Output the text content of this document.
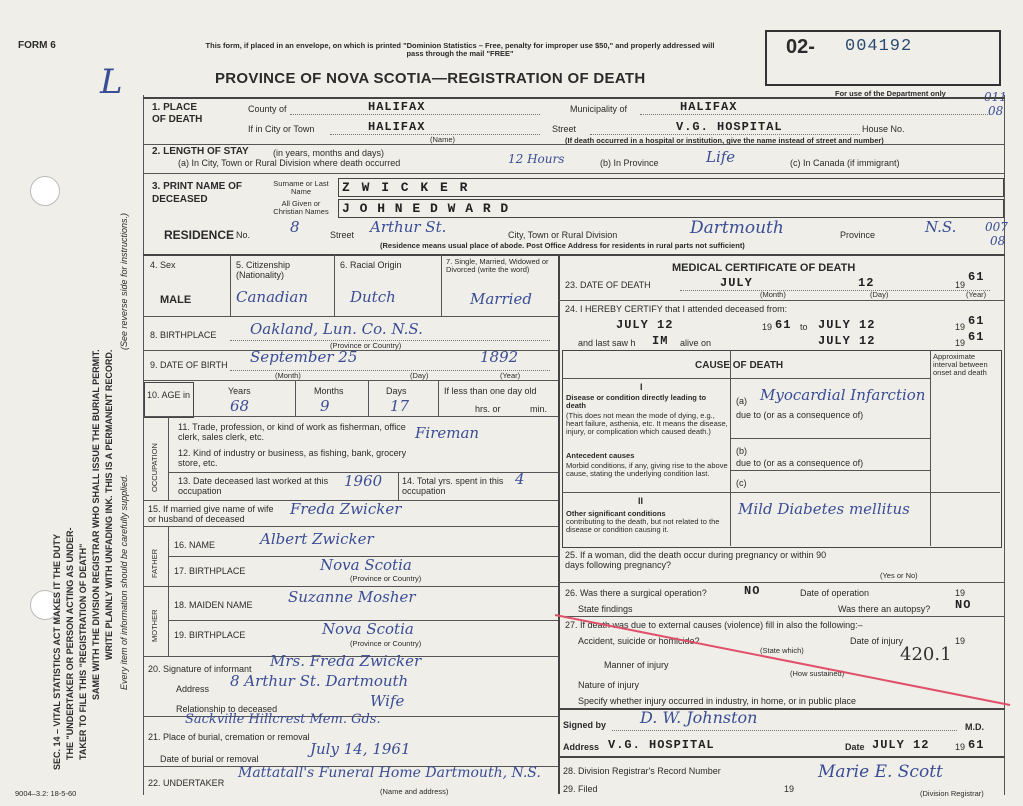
FORM 6
L
SEC. 14 – VITAL STATISTICS ACT MAKES IT THE DUTY THE "UNDERTAKER OR PERSON ACTING AS UNDER- TAKER TO FILE THIS "REGISTRATION OF DEATH" SAME WITH THE DIVISION REGISTRAR WHO SHALL ISSUE THE BURIAL PERMIT. WRITE PLAINLY WITH UNFADING INK. THIS IS A PERMANENT RECORD.
(See reverse side for instructions.)
Every item of information should be carefully supplied.
9004–3.2: 18-5-60
This form, if placed in an envelope, on which is printed "Dominion Statistics – Free, penalty for improper use $50," and properly addressed will pass through the mail "FREE"
PROVINCE OF NOVA SCOTIA—REGISTRATION OF DEATH
02- 004192
For use of the Department only	011
08
1. PLACE OF DEATH
County of	HALIFAX	Municipality of	HALIFAX
If in City or Town	HALIFAX
(Name)
Street	V.G. HOSPITAL	House No.
(If death occurred in a hospital or institution, give the name instead of street and number)
2. LENGTH OF STAY	(in years, months and days)
(a) In City, Town or Rural Division where death occurred	12 Hours	(b) In Province	Life	(c) In Canada (if immigrant)
3. PRINT NAME OF DECEASED
Surname or Last Name
All Given or Christian Names
Z W I C K E R
J O H N E D W A R D
RESIDENCE No.	8	Street Arthur St.	City, Town or Rural Division	Dartmouth	Province	N.S.
(Residence means usual place of abode. Post Office Address for residents in rural parts not sufficient)
007
08
4. Sex
MALE
5. Citizenship (Nationality)
Canadian
6. Racial Origin
Dutch
7. Single, Married, Widowed or Divorced (write the word)
Married
8. BIRTHPLACE Oakland, Lun. Co. N.S.
(Province or Country)
9. DATE OF BIRTH September 25	1892
(Month)	(Day)	(Year)
10. AGE in	Years
68
Months
9
Days
17
If less than one day old
hrs. or	min.
OCCUPATION
11. Trade, profession, or kind of work as fisherman, office clerk, sales clerk, etc.	Fireman
12. Kind of industry or business, as fishing, bank, grocery store, etc.
13. Date deceased last worked at this occupation
1960 14. Total yrs. spent in this occupation
4
15. If married give name of wife or husband of deceased
Freda Zwicker
FATHER
16. NAME	Albert Zwicker
17. BIRTHPLACE	Nova Scotia
(Province or Country)
MOTHER
18. MAIDEN NAME Suzanne Mosher
19. BIRTHPLACE	Nova Scotia
(Province or Country)
20. Signature of informant Mrs. Freda Zwicker
Address 8 Arthur St. Dartmouth
Relationship to deceased	Wife
Sackville Hillcrest Mem. Gds.
21. Place of burial, cremation or removal
July 14, 1961
Date of burial or removal
22. UNDERTAKER
Mattatall's Funeral Home Dartmouth, N.S.
(Name and address)
MEDICAL CERTIFICATE OF DEATH
23. DATE OF DEATH	JULY	12	19
61
(Month)	(Day)	(Year)
24. I HEREBY CERTIFY that I attended deceased from:
JULY 12	19 61 to JULY 12	19 61
and last saw h IM alive on	JULY 12	19 61
CAUSE OF DEATH
Approximate interval between onset and death
I
Disease or condition directly leading to death
(This does not mean the mode of dying, e.g., heart failure, asthenia, etc. It means the disease, injury, or complication which caused death.)
(a) Myocardial Infarction
due to (or as a consequence of)
(b)
due to (or as a consequence of)
(c)
Antecedent causes
Morbid conditions, if any, giving rise to the above cause, stating the underlying condition last.
II
Other significant conditions
contributing to the death, but not related to the disease or condition causing it.
Mild Diabetes mellitus
25. If a woman, did the death occur during pregnancy or within 90 days following pregnancy?
(Yes or No)
26. Was there a surgical operation?	NO	Date of operation	19
State findings	Was there an autopsy? NO
27. If death was due to external causes (violence) fill in also the following:–
Accident, suicide or homicide?	Date of injury	19
(State which)
Manner of injury	420.1
(How sustained)
Nature of injury
Specify whether injury occurred in industry, in home, or in public place
Signed by D. W. Johnston	M.D.
Address V.G. HOSPITAL	Date JULY 12	19 61
28. Division Registrar's Record Number
29. Filed	19
Marie E. Scott
(Division Registrar)
